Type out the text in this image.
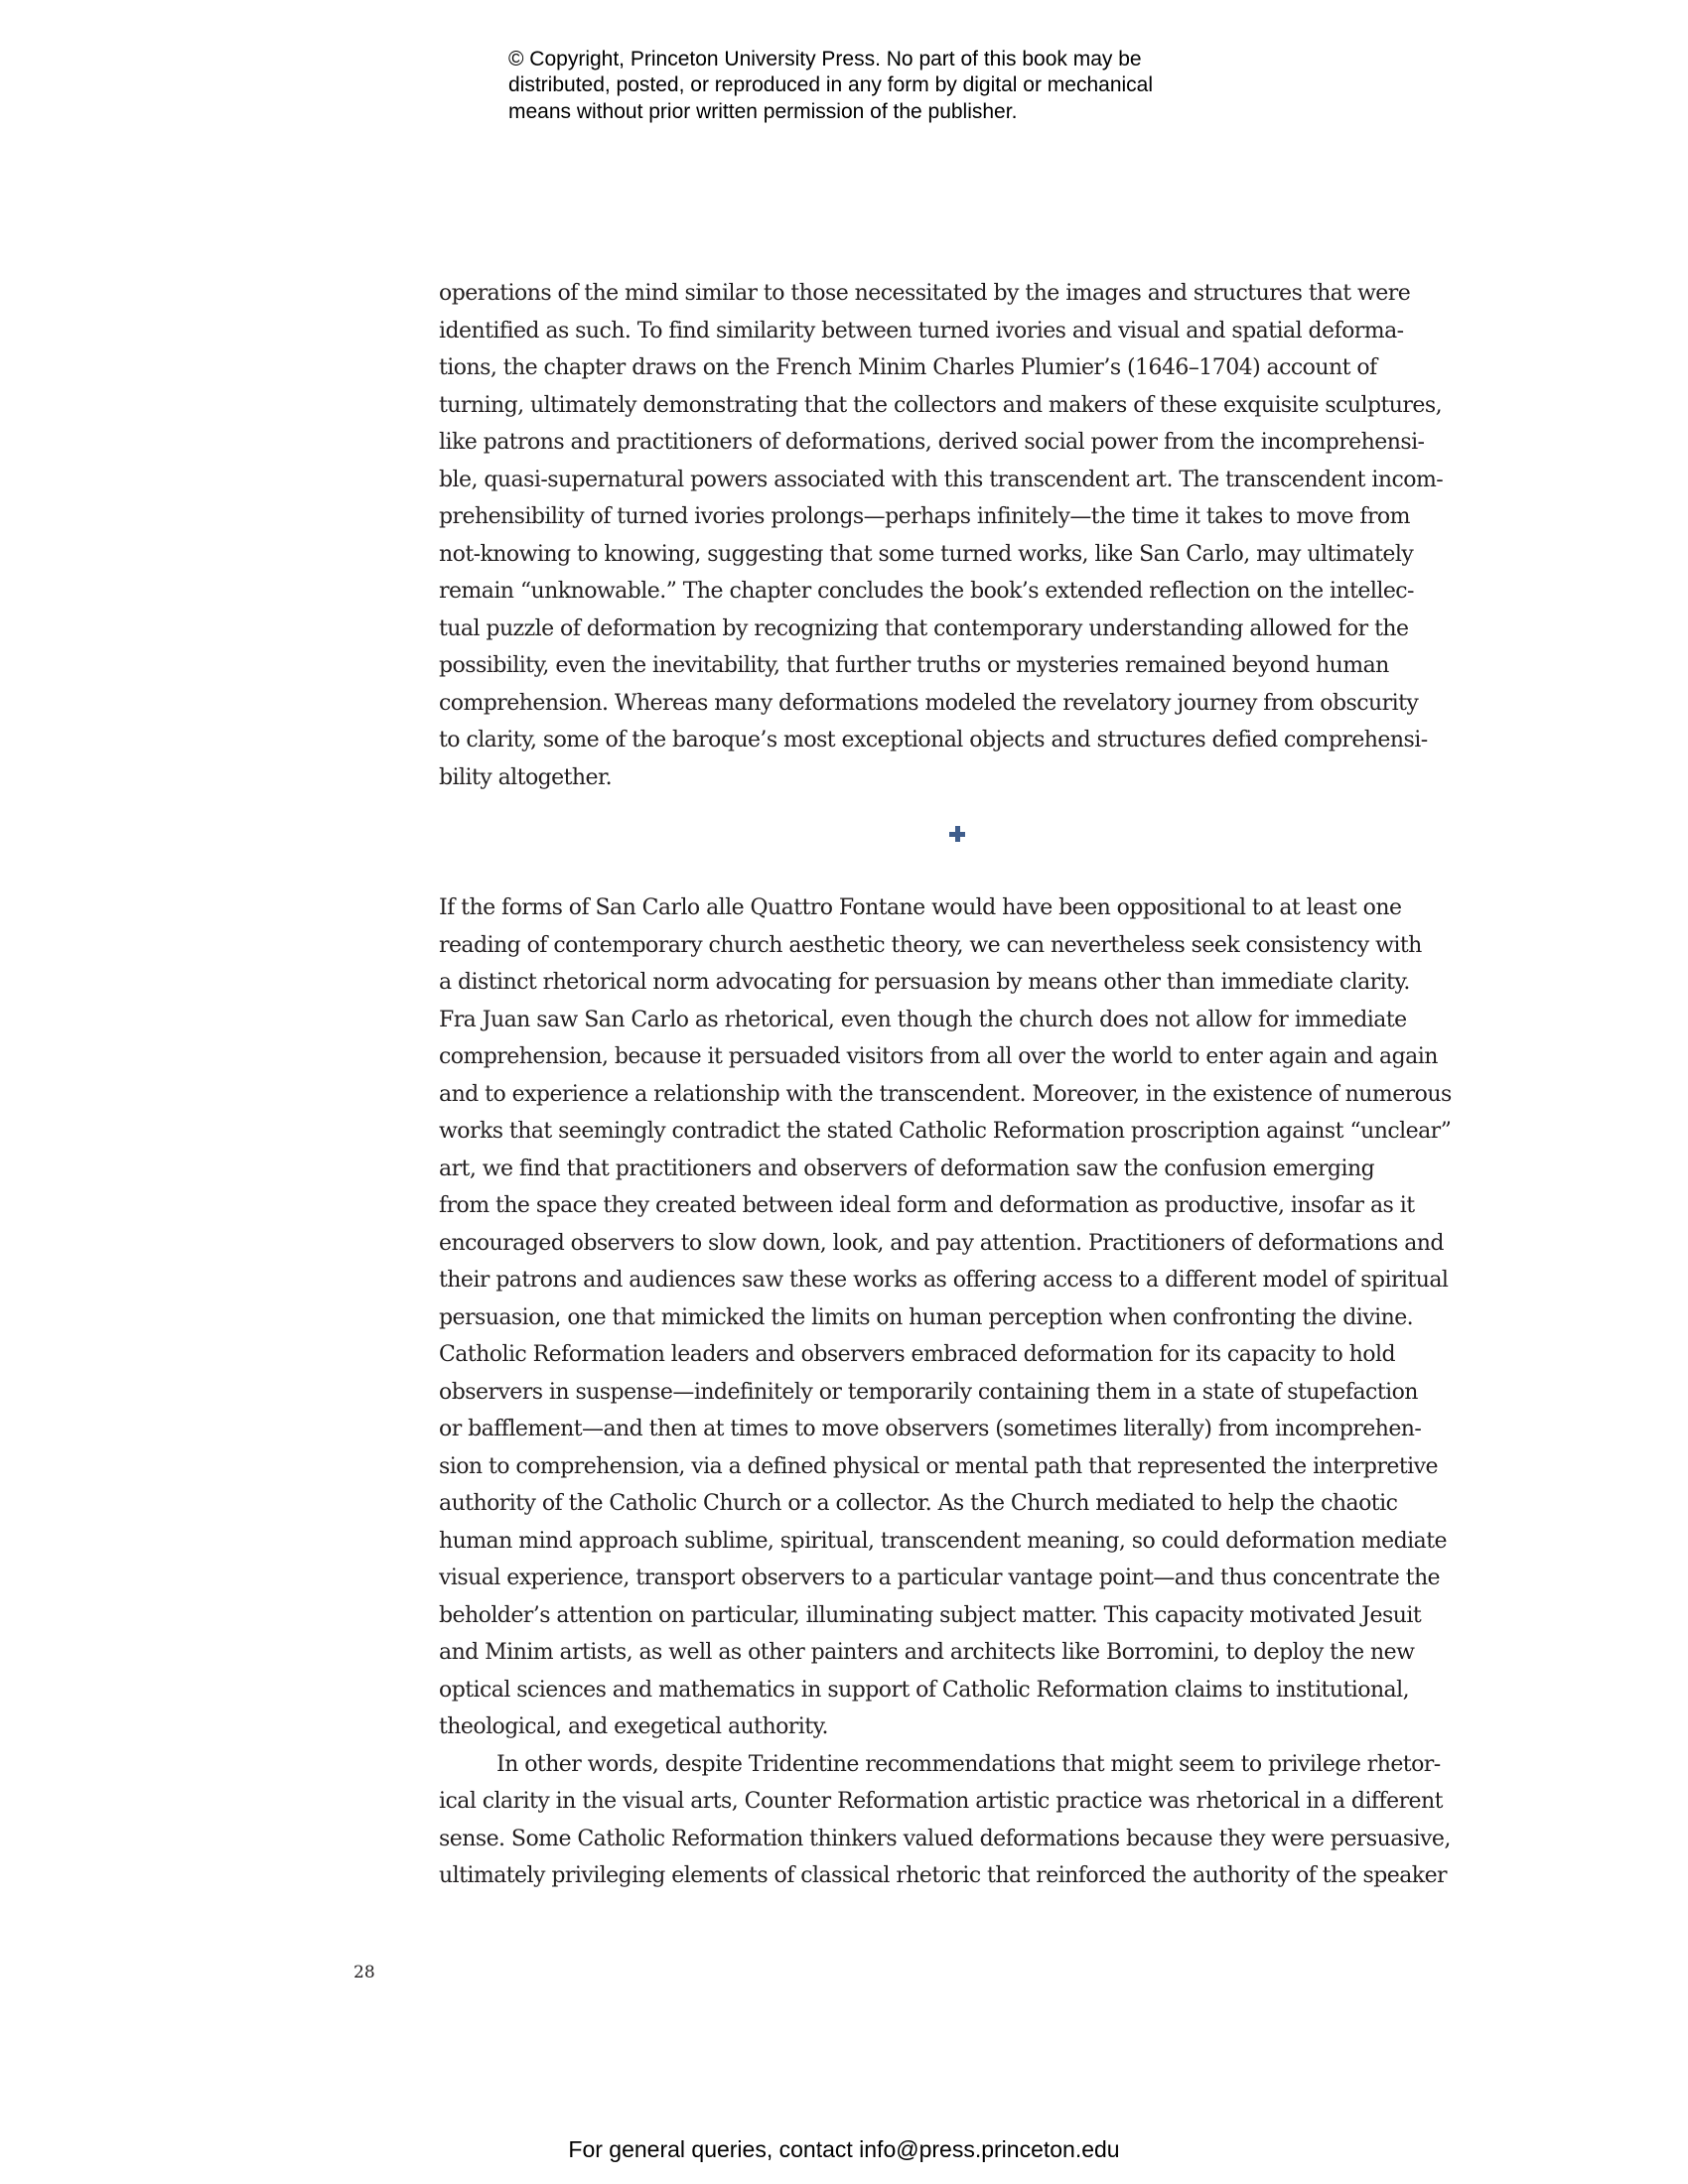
© Copyright, Princeton University Press. No part of this book may be
distributed, posted, or reproduced in any form by digital or mechanical
means without prior written permission of the publisher.

operations of the mind similar to those necessitated by the images and structures that were
identified as such. To find similarity between turned ivories and visual and spatial deforma-
tions, the chapter draws on the French Minim Charles Plumier’s (1646–1704) account of
turning, ultimately demonstrating that the collectors and makers of these exquisite sculptures,
like patrons and practitioners of deformations, derived social power from the incomprehensi-
ble, quasi-supernatural powers associated with this transcendent art. The transcendent incom-
prehensibility of turned ivories prolongs—perhaps infinitely—the time it takes to move from
not-knowing to knowing, suggesting that some turned works, like San Carlo, may ultimately
remain “unknowable.” The chapter concludes the book’s extended reflection on the intellec-
tual puzzle of deformation by recognizing that contemporary understanding allowed for the
possibility, even the inevitability, that further truths or mysteries remained beyond human
comprehension. Whereas many deformations modeled the revelatory journey from obscurity
to clarity, some of the baroque’s most exceptional objects and structures defied comprehensi-
bility altogether.
If the forms of San Carlo alle Quattro Fontane would have been oppositional to at least one
reading of contemporary church aesthetic theory, we can nevertheless seek consistency with
a distinct rhetorical norm advocating for persuasion by means other than immediate clarity.
Fra Juan saw San Carlo as rhetorical, even though the church does not allow for immediate
comprehension, because it persuaded visitors from all over the world to enter again and again
and to experience a relationship with the transcendent. Moreover, in the existence of numerous
works that seemingly contradict the stated Catholic Reformation proscription against “unclear”
art, we find that practitioners and observers of deformation saw the confusion emerging
from the space they created between ideal form and deformation as productive, insofar as it
encouraged observers to slow down, look, and pay attention. Practitioners of deformations and
their patrons and audiences saw these works as offering access to a different model of spiritual
persuasion, one that mimicked the limits on human perception when confronting the divine.
Catholic Reformation leaders and observers embraced deformation for its capacity to hold
observers in suspense—indefinitely or temporarily containing them in a state of stupefaction
or bafflement—and then at times to move observers (sometimes literally) from incomprehen-
sion to comprehension, via a defined physical or mental path that represented the interpretive
authority of the Catholic Church or a collector. As the Church mediated to help the chaotic
human mind approach sublime, spiritual, transcendent meaning, so could deformation mediate
visual experience, transport observers to a particular vantage point—and thus concentrate the
beholder’s attention on particular, illuminating subject matter. This capacity motivated Jesuit
and Minim artists, as well as other painters and architects like Borromini, to deploy the new
optical sciences and mathematics in support of Catholic Reformation claims to institutional,
theological, and exegetical authority.
In other words, despite Tridentine recommendations that might seem to privilege rhetor-
ical clarity in the visual arts, Counter Reformation artistic practice was rhetorical in a different
sense. Some Catholic Reformation thinkers valued deformations because they were persuasive,
ultimately privileging elements of classical rhetoric that reinforced the authority of the speaker
28
For general queries, contact info@press.princeton.edu
